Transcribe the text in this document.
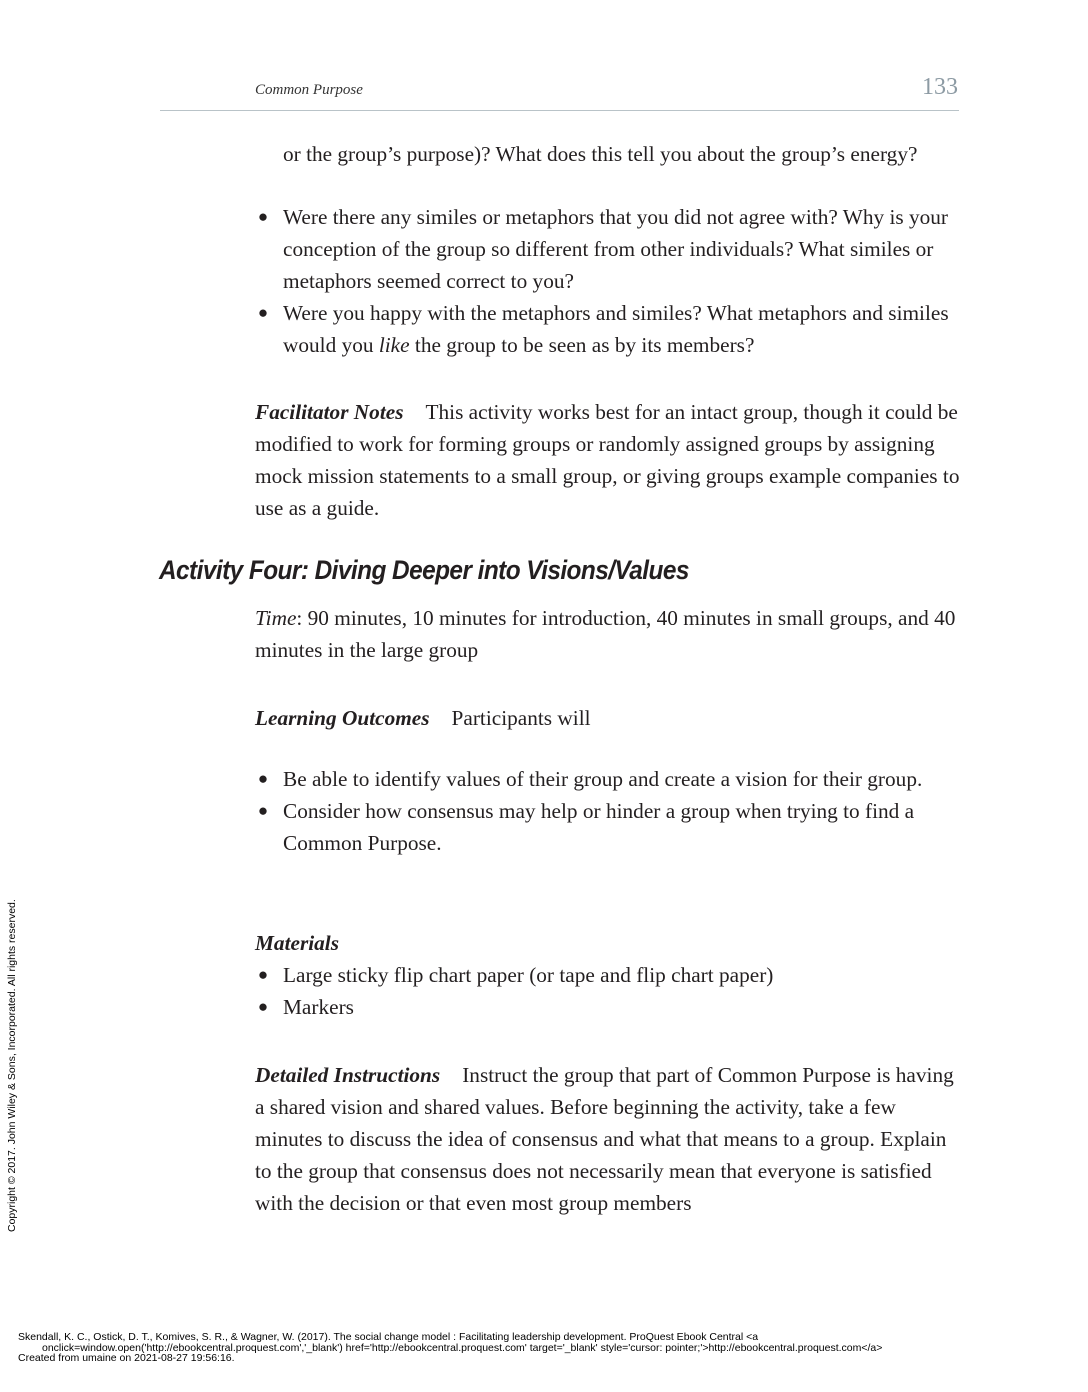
Common Purpose	133
or the group’s purpose)? What does this tell you about the group’s energy?
● Were there any similes or metaphors that you did not agree with? Why is your conception of the group so different from other individuals? What similes or metaphors seemed correct to you?
● Were you happy with the metaphors and similes? What metaphors and similes would you like the group to be seen as by its members?
Facilitator Notes This activity works best for an intact group, though it could be modified to work for forming groups or randomly assigned groups by assigning mock mission statements to a small group, or giving groups example companies to use as a guide.
Activity Four: Diving Deeper into Visions/Values
Time: 90 minutes, 10 minutes for introduction, 40 minutes in small groups, and 40 minutes in the large group
Learning Outcomes Participants will
● Be able to identify values of their group and create a vision for their group.
● Consider how consensus may help or hinder a group when trying to find a Common Purpose.
Materials
● Large sticky flip chart paper (or tape and flip chart paper)
● Markers
Detailed Instructions Instruct the group that part of Common Purpose is having a shared vision and shared values. Before beginning the activity, take a few minutes to discuss the idea of consensus and what that means to a group. Explain to the group that consensus does not necessarily mean that everyone is satisfied with the decision or that even most group members
Copyright © 2017. John Wiley & Sons, Incorporated. All rights reserved.
Skendall, K. C., Ostick, D. T., Komives, S. R., & Wagner, W. (2017). The social change model : Facilitating leadership development. ProQuest Ebook Central <a
onclick=window.open('http://ebookcentral.proquest.com','_blank') href='http://ebookcentral.proquest.com' target='_blank' style='cursor: pointer;'>http://ebookcentral.proquest.com</a>
Created from umaine on 2021-08-27 19:56:16.
